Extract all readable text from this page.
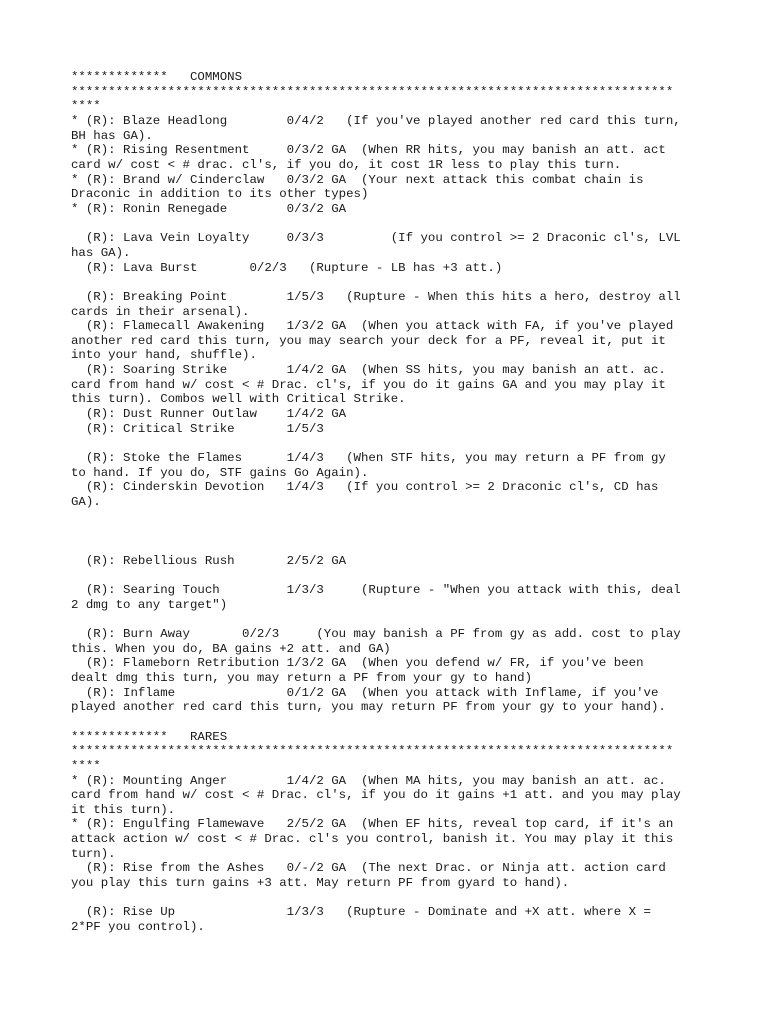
*************   COMMONS
*********************************************************************************
****
* (R): Blaze Headlong        0/4/2   (If you've played another red card this turn,
BH has GA).
* (R): Rising Resentment     0/3/2 GA  (When RR hits, you may banish an att. act
card w/ cost < # drac. cl's, if you do, it cost 1R less to play this turn.
* (R): Brand w/ Cinderclaw   0/3/2 GA  (Your next attack this combat chain is
Draconic in addition to its other types)
* (R): Ronin Renegade        0/3/2 GA

(R): Lava Vein Loyalty     0/3/3         (If you control >= 2 Draconic cl's, LVL
has GA).
(R): Lava Burst       0/2/3   (Rupture - LB has +3 att.)

(R): Breaking Point        1/5/3   (Rupture - When this hits a hero, destroy all
cards in their arsenal).
(R): Flamecall Awakening   1/3/2 GA  (When you attack with FA, if you've played
another red card this turn, you may search your deck for a PF, reveal it, put it
into your hand, shuffle).
(R): Soaring Strike        1/4/2 GA  (When SS hits, you may banish an att. ac.
card from hand w/ cost < # Drac. cl's, if you do it gains GA and you may play it
this turn). Combos well with Critical Strike.
(R): Dust Runner Outlaw    1/4/2 GA
(R): Critical Strike       1/5/3

(R): Stoke the Flames      1/4/3   (When STF hits, you may return a PF from gy
to hand. If you do, STF gains Go Again).
(R): Cinderskin Devotion   1/4/3   (If you control >= 2 Draconic cl's, CD has
GA).

(R): Rebellious Rush       2/5/2 GA

(R): Searing Touch         1/3/3     (Rupture - "When you attack with this, deal
2 dmg to any target")

(R): Burn Away       0/2/3     (You may banish a PF from gy as add. cost to play
this. When you do, BA gains +2 att. and GA)
(R): Flameborn Retribution 1/3/2 GA  (When you defend w/ FR, if you've been
dealt dmg this turn, you may return a PF from your gy to hand)
(R): Inflame               0/1/2 GA  (When you attack with Inflame, if you've
played another red card this turn, you may return PF from your gy to your hand).

*************   RARES
*********************************************************************************
****
* (R): Mounting Anger        1/4/2 GA  (When MA hits, you may banish an att. ac.
card from hand w/ cost < # Drac. cl's, if you do it gains +1 att. and you may play
it this turn).
* (R): Engulfing Flamewave   2/5/2 GA  (When EF hits, reveal top card, if it's an
attack action w/ cost < # Drac. cl's you control, banish it. You may play it this
turn).
(R): Rise from the Ashes   0/-/2 GA  (The next Drac. or Ninja att. action card
you play this turn gains +3 att. May return PF from gyard to hand).

(R): Rise Up               1/3/3   (Rupture - Dominate and +X att. where X =
2*PF you control).
